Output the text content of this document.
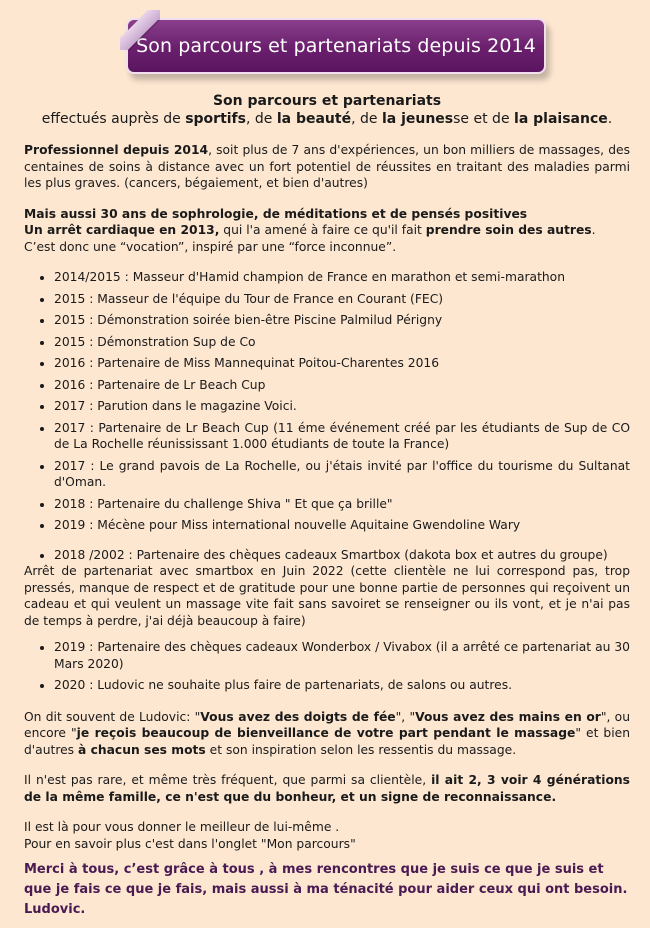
Son parcours et partenariats depuis 2014
Son parcours et partenariats
effectués auprès de sportifs, de la beauté, de la jeunesse et de la plaisance.

Professionnel depuis 2014, soit plus de 7 ans d'expériences, un bon milliers de massages, des centaines de soins à distance avec un fort potentiel de réussites en traitant des maladies parmi les plus graves. (cancers, bégaiement, et bien d'autres)

Mais aussi 30 ans de sophrologie, de méditations et de pensés positives
Un arrêt cardiaque en 2013, qui l'a amené à faire ce qu'il fait prendre soin des autres.
C’est donc une “vocation”, inspiré par une “force inconnue”.

• 2014/2015 : Masseur d'Hamid champion de France en marathon et semi-marathon
• 2015 : Masseur de l'équipe du Tour de France en Courant (FEC)
• 2015 : Démonstration soirée bien-être Piscine Palmilud Périgny
• 2015 : Démonstration Sup de Co
• 2016 : Partenaire de Miss Mannequinat Poitou-Charentes 2016
• 2016 : Partenaire de Lr Beach Cup
• 2017 : Parution dans le magazine Voici.
• 2017 : Partenaire de Lr Beach Cup (11 éme événement créé par les étudiants de Sup de CO de La Rochelle réunississant 1.000 étudiants de toute la France)
• 2017 : Le grand pavois de La Rochelle, ou j'étais invité par l'office du tourisme du Sultanat d'Oman.
• 2018 : Partenaire du challenge Shiva " Et que ça brille"
• 2019 : Mécène pour Miss international nouvelle Aquitaine Gwendoline Wary
• 2018 /2002 : Partenaire des chèques cadeaux Smartbox (dakota box et autres du groupe)

Arrêt de partenariat avec smartbox en Juin 2022 (cette clientèle ne lui correspond pas, trop pressés, manque de respect et de gratitude pour une bonne partie de personnes qui reçoivent un cadeau et qui veulent un massage vite fait sans savoiret se renseigner ou ils vont, et je n'ai pas de temps à perdre, j'ai déjà beaucoup à faire)

• 2019 : Partenaire des chèques cadeaux Wonderbox / Vivabox (il a arrêté ce partenariat au 30 Mars 2020)
• 2020 : Ludovic ne souhaite plus faire de partenariats, de salons ou autres.

On dit souvent de Ludovic: "Vous avez des doigts de fée", "Vous avez des mains en or", ou encore "je reçois beaucoup de bienveillance de votre part pendant le massage" et bien d'autres à chacun ses mots et son inspiration selon les ressentis du massage.

Il n'est pas rare, et même très fréquent, que parmi sa clientèle, il ait 2, 3 voir 4 générations de la même famille, ce n'est que du bonheur, et un signe de reconnaissance.

Il est là pour vous donner le meilleur de lui-même .
Pour en savoir plus c'est dans l'onglet "Mon parcours"

Merci à tous, c’est grâce à tous , à mes rencontres que je suis ce que je suis et que je fais ce que je fais, mais aussi à ma ténacité pour aider ceux qui ont besoin. Ludovic.
